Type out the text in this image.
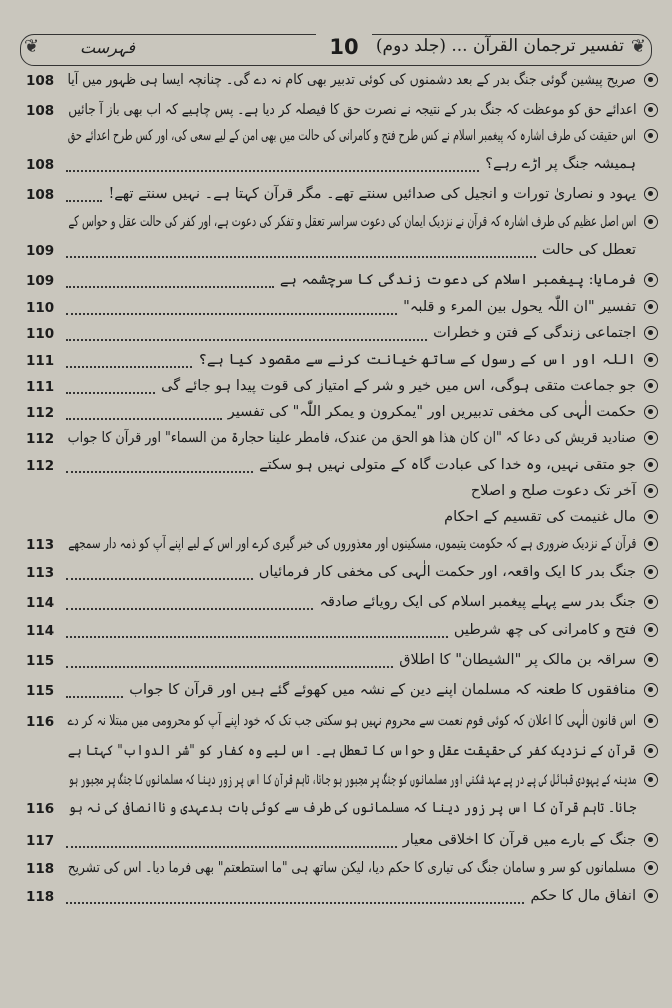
❦
❦	تفسیر ترجمان القرآن ... (جلد دوم)
10
فہرست
صریح پیشین گوئی جنگ بدر کے بعد دشمنوں کی کوئی تدبیر بھی کام نہ دے گی۔ چنانچہ ایسا ہی ظہور میں آیا
108
اعدائے حق کو موعظت کہ جنگ بدر کے نتیجہ نے نصرت حق کا فیصلہ کر دیا ہے۔ پس چاہیے کہ اب بھی باز آ جائیں
108
اس حقیقت کی طرف اشارہ کہ پیغمبر اسلام نے کس طرح فتح و کامرانی کی حالت میں بھی امن کے لیے سعی کی، اور کس طرح اعدائے حق
ہمیشہ جنگ پر اڑے رہے؟
108
یہود و نصاریٰ تورات و انجیل کی صدائیں سنتے تھے۔ مگر قرآن کہتا ہے۔ نہیں سنتے تھے!
108
اس اصل عظیم کی طرف اشارہ کہ قرآن نے نزدیک ایمان کی دعوت سراسر تعقل و تفکر کی دعوت ہے، اور کفر کی حالت عقل و حواس کے
تعطل کی حالت
109
فرمایا: پیغمبر اسلام کی دعوت زندگی کا سرچشمہ ہے
109
تفسیر "ان اللّٰہ یحول بین المرء و قلبہ"
110
اجتماعی زندگی کے فتن و خطرات
110
اللہ اور اس کے رسول کے ساتھ خیانت کرنے سے مقصود کیا ہے؟
111
جو جماعت متقی ہوگی، اس میں خیر و شر کے امتیاز کی قوت پیدا ہو جائے گی
111
حکمت الٰہی کی مخفی تدبیریں اور "یمکرون و یمکر اللّٰہ" کی تفسیر
112
صنادید قریش کی دعا کہ "ان کان ھذا ھو الحق من عندک، فامطر علینا حجارۃ من السماء" اور قرآن کا جواب
112
جو متقی نہیں، وہ خدا کی عبادت گاہ کے متولی نہیں ہو سکتے
112
آخر تک دعوت صلح و اصلاح
مال غنیمت کی تقسیم کے احکام
قرآن کے نزدیک ضروری ہے کہ حکومت یتیموں، مسکینوں اور معذوروں کی خبر گیری کرے اور اس کے لیے اپنے آپ کو ذمہ دار سمجھے
113
جنگ بدر کا ایک واقعہ، اور حکمت الٰہی کی مخفی کار فرمائیاں
113
جنگ بدر سے پہلے پیغمبر اسلام کی ایک رویائے صادقہ
114
فتح و کامرانی کی چھ شرطیں
114
سراقہ بن مالک پر "الشیطان" کا اطلاق
115
منافقوں کا طعنہ کہ مسلمان اپنے دین کے نشہ میں کھوئے گئے ہیں اور قرآن کا جواب
115
اس قانون الٰہی کا اعلان کہ کوئی قوم نعمت سے محروم نہیں ہو سکتی جب تک کہ خود اپنے آپ کو محرومی میں مبتلا نہ کر دے
116
قرآن کے نزدیک کفر کی حقیقت عقل و حواس کا تعطل ہے۔ اس لیے وہ کفار کو "شر الدواب" کہتا ہے
مدینہ کے یہودی قبائل کی پے در پے عہد شکنی اور مسلمانوں کو جنگ پر مجبور ہو جانا، تاہم قرآن کا اس پر زور دینا کہ مسلمانوں کا جنگ پر مجبور ہو
جانا۔ تاہم قرآن کا اس پر زور دینا کہ مسلمانوں کی طرف سے کوئی بات بدعہدی و ناانصافی کی نہ ہو
116
جنگ کے بارے میں قرآن کا اخلاقی معیار
117
مسلمانوں کو سر و سامان جنگ کی تیاری کا حکم دیا، لیکن ساتھ ہی "ما استطعتم" بھی فرما دیا۔ اس کی تشریح
118
انفاق مال کا حکم
118
